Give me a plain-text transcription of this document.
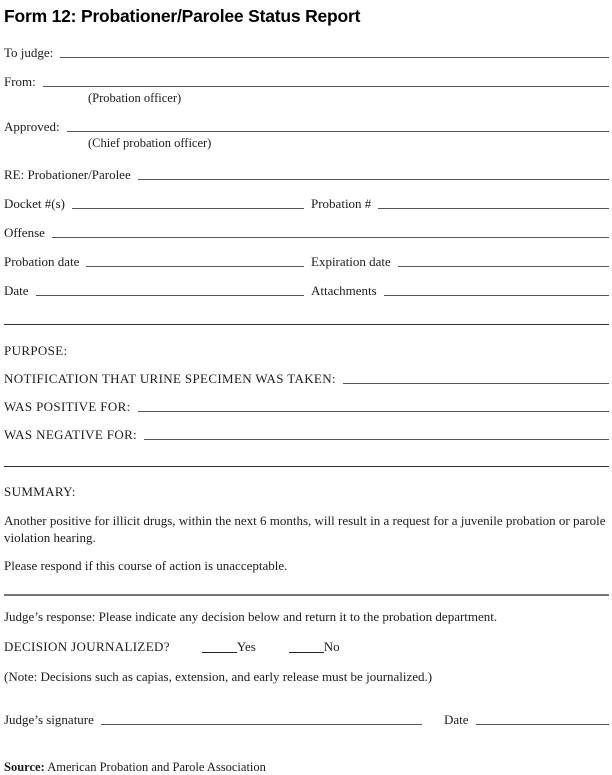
Form 12: Probationer/Parolee Status Report
To judge:
From:
(Probation officer)
Approved:
(Chief probation officer)
RE: Probationer/Parolee
Docket #(s)	Probation #
Offense
Probation date	Expiration date
Date	Attachments
PURPOSE:
NOTIFICATION THAT URINE SPECIMEN WAS TAKEN:
WAS POSITIVE FOR:
WAS NEGATIVE FOR:
SUMMARY:
Another positive for illicit drugs, within the next 6 months, will result in a request for a juvenile probation or parole violation hearing.
Please respond if this course of action is unacceptable.
Judge’s response: Please indicate any decision below and return it to the probation department.
DECISION JOURNALIZED?	Yes	No
(Note: Decisions such as capias, extension, and early release must be journalized.)
Judge’s signature	Date
Source: American Probation and Parole Association
